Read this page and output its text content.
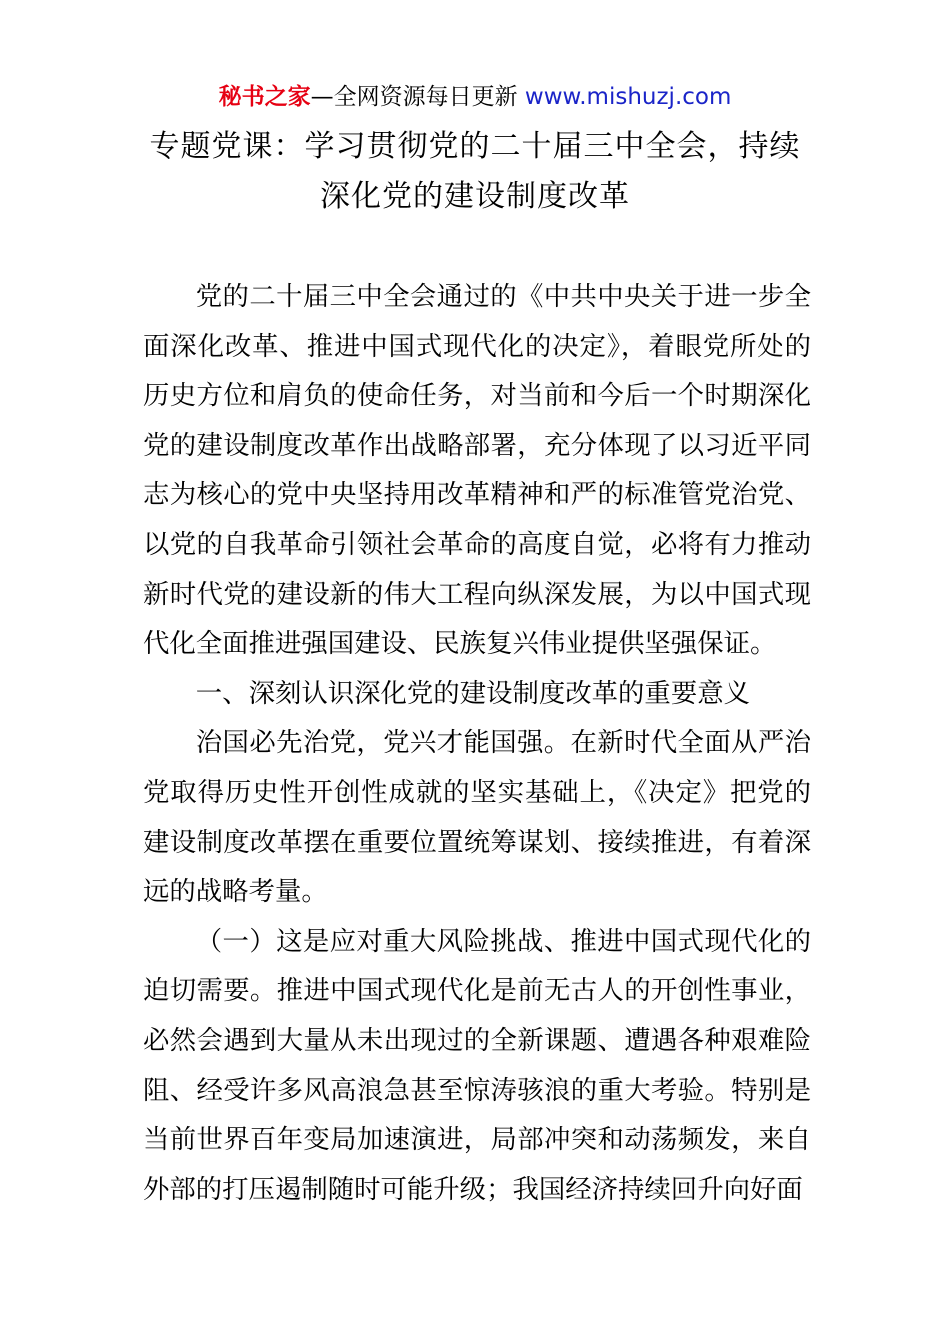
秘书之家—全网资源每日更新 www.mishuzj.com
专题党课：学习贯彻党的二十届三中全会，持续深化党的建设制度改革

党的二十届三中全会通过的《中共中央关于进一步全面深化改革、推进中国式现代化的决定》，着眼党所处的历史方位和肩负的使命任务，对当前和今后一个时期深化党的建设制度改革作出战略部署，充分体现了以习近平同志为核心的党中央坚持用改革精神和严的标准管党治党、以党的自我革命引领社会革命的高度自觉，必将有力推动新时代党的建设新的伟大工程向纵深发展，为以中国式现代化全面推进强国建设、民族复兴伟业提供坚强保证。

一、深刻认识深化党的建设制度改革的重要意义

治国必先治党，党兴才能国强。在新时代全面从严治党取得历史性开创性成就的坚实基础上，《决定》把党的建设制度改革摆在重要位置统筹谋划、接续推进，有着深远的战略考量。

（一）这是应对重大风险挑战、推进中国式现代化的迫切需要。推进中国式现代化是前无古人的开创性事业，必然会遇到大量从未出现过的全新课题、遭遇各种艰难险阻、经受许多风高浪急甚至惊涛骇浪的重大考验。特别是当前世界百年变局加速演进，局部冲突和动荡频发，来自外部的打压遏制随时可能升级；我国经济持续回升向好面
